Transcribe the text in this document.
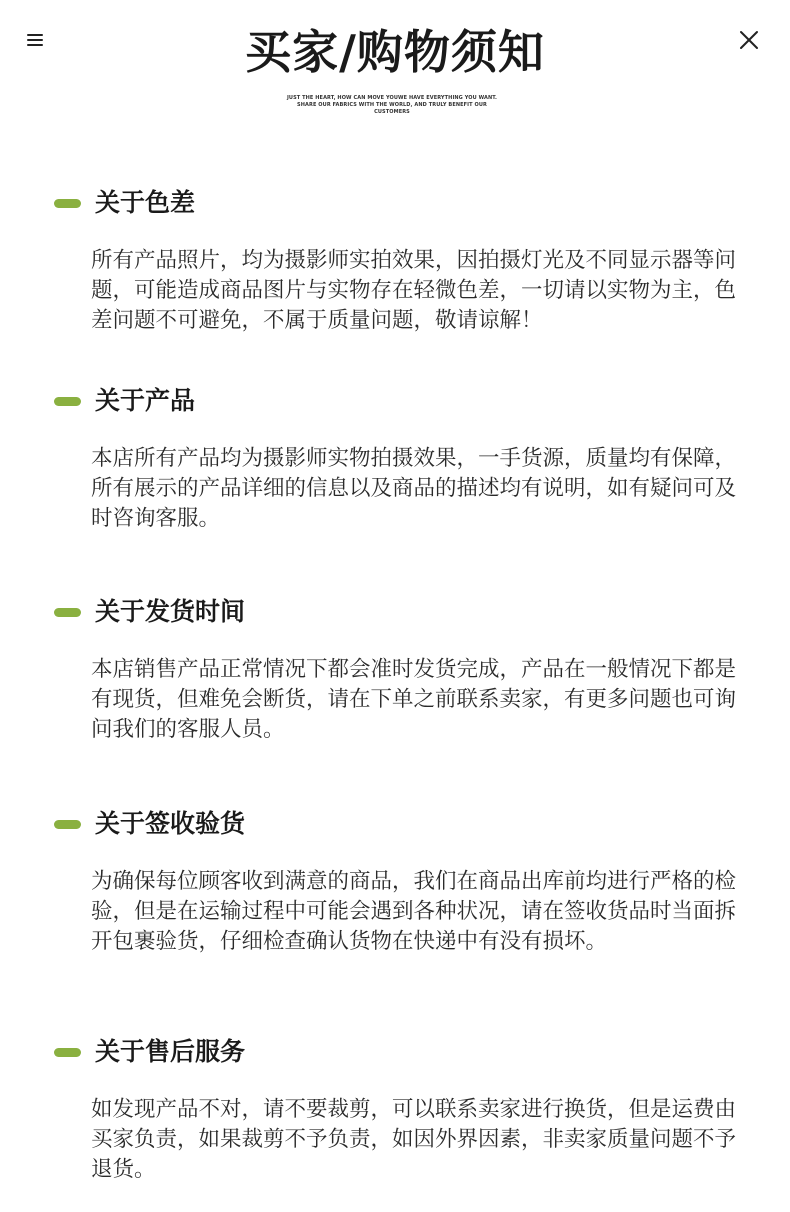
买家/购物须知
JUST THE HEART, HOW CAN MOVE YOUWE HAVE EVERYTHING YOU WANT. SHARE OUR FABRICS WITH THE WORLD, AND TRULY BENEFIT OUR CUSTOMERS
关于色差
所有产品照片，均为摄影师实拍效果，因拍摄灯光及不同显示器等问题，可能造成商品图片与实物存在轻微色差，一切请以实物为主，色差问题不可避免，不属于质量问题，敬请谅解！
关于产品
本店所有产品均为摄影师实物拍摄效果，一手货源，质量均有保障，所有展示的产品详细的信息以及商品的描述均有说明，如有疑问可及时咨询客服。
关于发货时间
本店销售产品正常情况下都会准时发货完成，产品在一般情况下都是有现货，但难免会断货，请在下单之前联系卖家，有更多问题也可询问我们的客服人员。
关于签收验货
为确保每位顾客收到满意的商品，我们在商品出库前均进行严格的检验，但是在运输过程中可能会遇到各种状况，请在签收货品时当面拆开包裹验货，仔细检查确认货物在快递中有没有损坏。
关于售后服务
如发现产品不对，请不要裁剪，可以联系卖家进行换货，但是运费由买家负责，如果裁剪不予负责，如因外界因素，非卖家质量问题不予退货。
